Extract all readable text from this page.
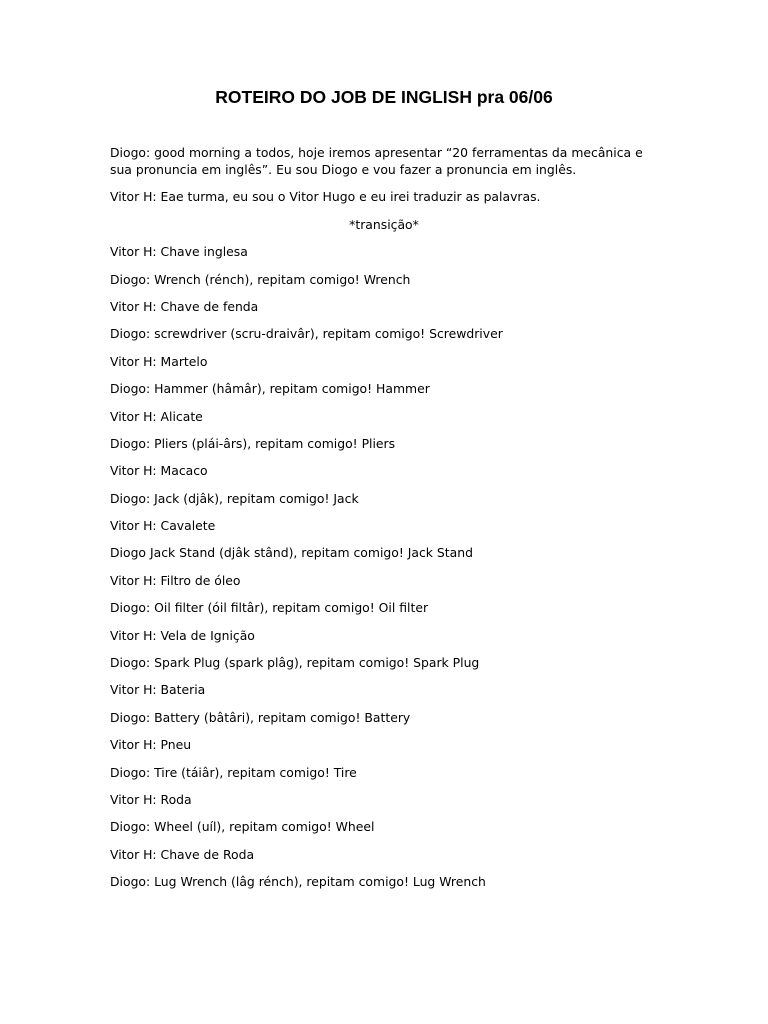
ROTEIRO DO JOB DE INGLISH pra 06/06

Diogo: good morning a todos, hoje iremos apresentar “20 ferramentas da mecânica e sua pronuncia em inglês”. Eu sou Diogo e vou fazer a pronuncia em inglês.

Vitor H: Eae turma, eu sou o Vitor Hugo e eu irei traduzir as palavras.

*transição*

Vitor H: Chave inglesa

Diogo: Wrench (rénch), repitam comigo! Wrench

Vitor H: Chave de fenda

Diogo: screwdriver (scru-draivâr), repitam comigo! Screwdriver

Vitor H: Martelo

Diogo: Hammer (hâmâr), repitam comigo! Hammer

Vitor H: Alicate

Diogo: Pliers (plái-ârs), repitam comigo! Pliers

Vitor H: Macaco

Diogo: Jack (djâk), repitam comigo! Jack

Vitor H: Cavalete

Diogo Jack Stand (djâk stând), repitam comigo! Jack Stand

Vitor H: Filtro de óleo

Diogo: Oil filter (óil filtâr), repitam comigo! Oil filter

Vitor H: Vela de Ignição

Diogo: Spark Plug (spark plâg), repitam comigo! Spark Plug

Vitor H: Bateria

Diogo: Battery (bâtâri), repitam comigo! Battery

Vitor H: Pneu

Diogo: Tire (táiâr), repitam comigo! Tire

Vitor H: Roda

Diogo: Wheel (uíl), repitam comigo! Wheel

Vitor H: Chave de Roda

Diogo: Lug Wrench (lâg rénch), repitam comigo! Lug Wrench
